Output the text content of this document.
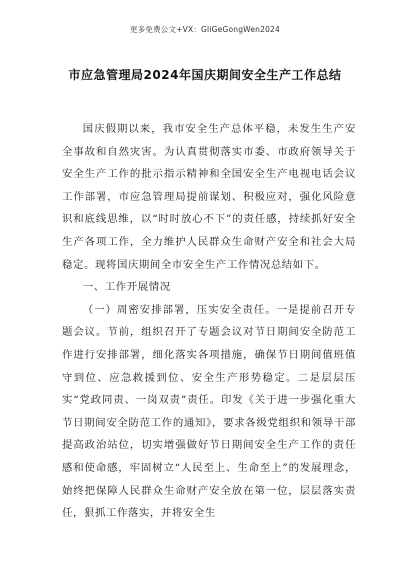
更多免费公文+VX：GliGeGongWen2024
市应急管理局2024年国庆期间安全生产工作总结

国庆假期以来，我市安全生产总体平稳，未发生生产安全事故和自然灾害。为认真贯彻落实市委、市政府领导关于安全生产工作的批示指示精神和全国安全生产电视电话会议工作部署，市应急管理局提前谋划、积极应对，强化风险意识和底线思维，以“时时放心不下”的责任感，持续抓好安全生产各项工作，全力维护人民群众生命财产安全和社会大局稳定。现将国庆期间全市安全生产工作情况总结如下。

一、工作开展情况

（一）周密安排部署，压实安全责任。一是提前召开专题会议。节前，组织召开了专题会议对节日期间安全防范工作进行安排部署，细化落实各项措施，确保节日期间值班值守到位、应急救援到位、安全生产形势稳定。二是层层压实“党政同责、一岗双责”责任。印发《关于进一步强化重大节日期间安全防范工作的通知》，要求各级党组织和领导干部提高政治站位，切实增强做好节日期间安全生产工作的责任感和使命感，牢固树立“人民至上、生命至上”的发展理念，始终把保障人民群众生命财产安全放在第一位，层层落实责任，狠抓工作落实，并将安全生
